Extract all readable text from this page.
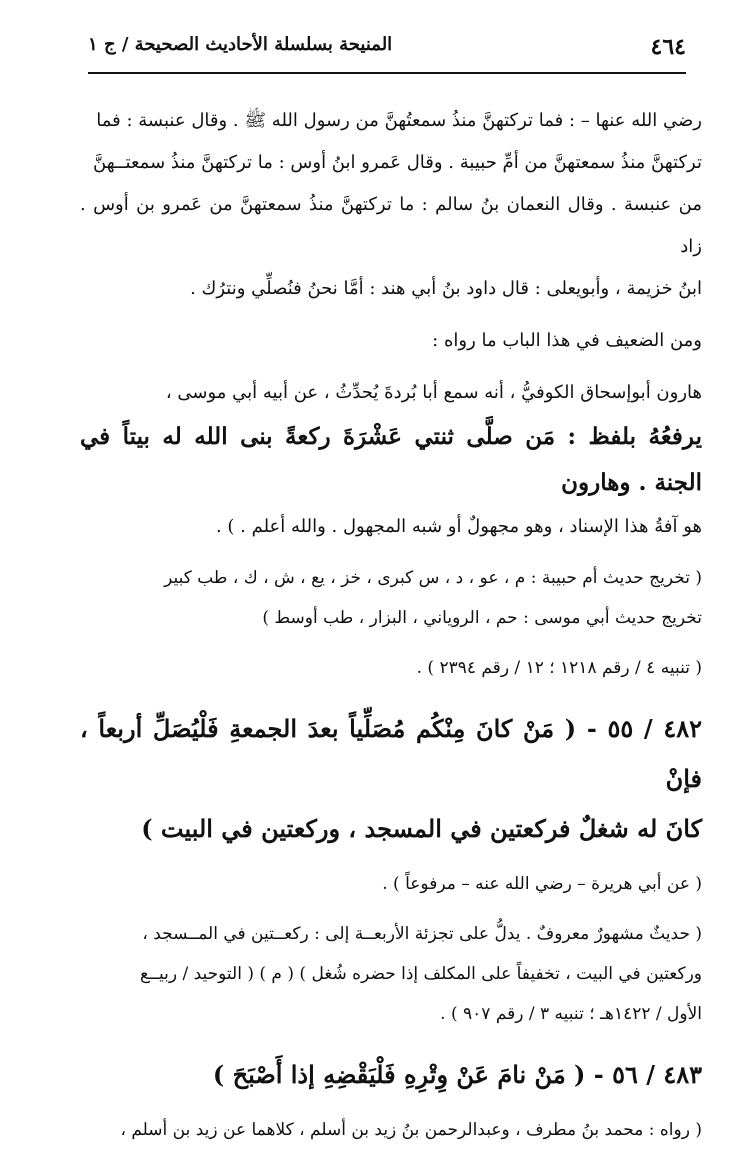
٤٦٤
المنيحة بسلسلة الأحاديث الصحيحة / ج ١

رضي الله عنها – : فما تركتهنَّ منذُ سمعتُهنَّ من رسول الله ﷺ . وقال عنبسة : فما
تركتهنَّ منذُ سمعتهنَّ من أمِّ حبيبة . وقال عَمرو ابنُ أوس : ما تركتهنَّ منذُ سمعتــهنَّ
من عنبسة . وقال النعمان بنُ سالم : ما تركتهنَّ منذُ سمعتهنَّ من عَمرو بن أوس . زاد
ابنُ خزيمة ، وأبويعلى : قال داود بنُ أبي هند : أمَّا نحنُ فنُصلِّي ونترُك .

ومن الضعيف في هذا الباب ما رواه :

هارون أبوإسحاق الكوفيُّ ، أنه سمع أبا بُردةَ يُحدِّثُ ، عن أبيه أبي موسى ،

يرفعُهُ بلفظ : مَن صلَّى ثنتي عَشْرَةَ ركعةً بنى الله له بيتاً في الجنة . وهارون

هو آفةُ هذا الإسناد ، وهو مجهولٌ أو شبه المجهول . والله أعلم . ) .

( تخريج حديث أم حبيبة : م ، عو ، د ، س كبرى ، خز ، يع ، ش ، ك ، طب كبير
تخريج حديث أبي موسى : حم ، الروياني ، البزار ، طب أوسط )

( تنبيه ٤ / رقم ١٢١٨ ؛ ١٢ / رقم ٢٣٩٤ ) .

٤٨٢ / ٥٥ - ( مَنْ كانَ مِنْكُم مُصَلِّياً بعدَ الجمعةِ فَلْيُصَلِّ أربعاً ، فإنْ
كانَ له شغلٌ فركعتين في المسجد ، وركعتين في البيت )

( عن أبي هريرة – رضي الله عنه – مرفوعاً ) .

( حديثٌ مشهورٌ معروفٌ . يدلُّ على تجزئة الأربعــة إلى : ركعــتين في المــسجد ،
وركعتين في البيت ، تخفيفاً على المكلف إذا حضره شُغل ) ( م ) ( التوحيد / ربيــع
الأول / ١٤٢٢هـ ؛ تنبيه ٣ / رقم ٩٠٧ ) .

٤٨٣ / ٥٦ - ( مَنْ نامَ عَنْ وِتْرِهِ فَلْيَقْضِهِ إذا أَصْبَحَ )

( رواه : محمد بنُ مطرف ، وعبدالرحمن بنُ زيد بن أسلم ، كلاهما عن زيد بن أسلم ،
